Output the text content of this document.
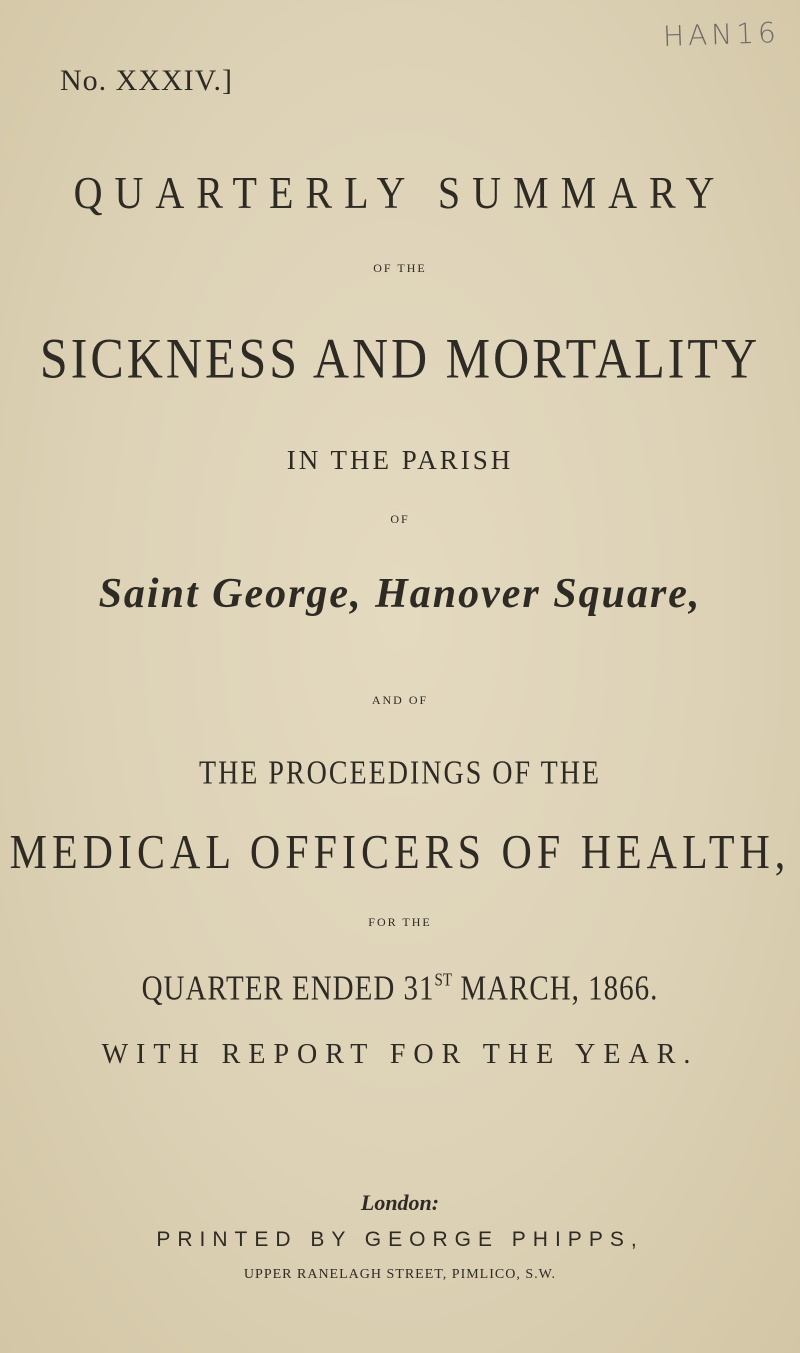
HAN16
No. XXXIV.]
QUARTERLY SUMMARY
OF THE
SICKNESS AND MORTALITY
IN THE PARISH
OF
Saint George, Hanover Square,
AND OF
THE PROCEEDINGS OF THE
MEDICAL OFFICERS OF HEALTH,
FOR THE
QUARTER ENDED 31ST MARCH, 1866.
WITH REPORT FOR THE YEAR.
London:
PRINTED BY GEORGE PHIPPS,
UPPER RANELAGH STREET, PIMLICO, S.W.
